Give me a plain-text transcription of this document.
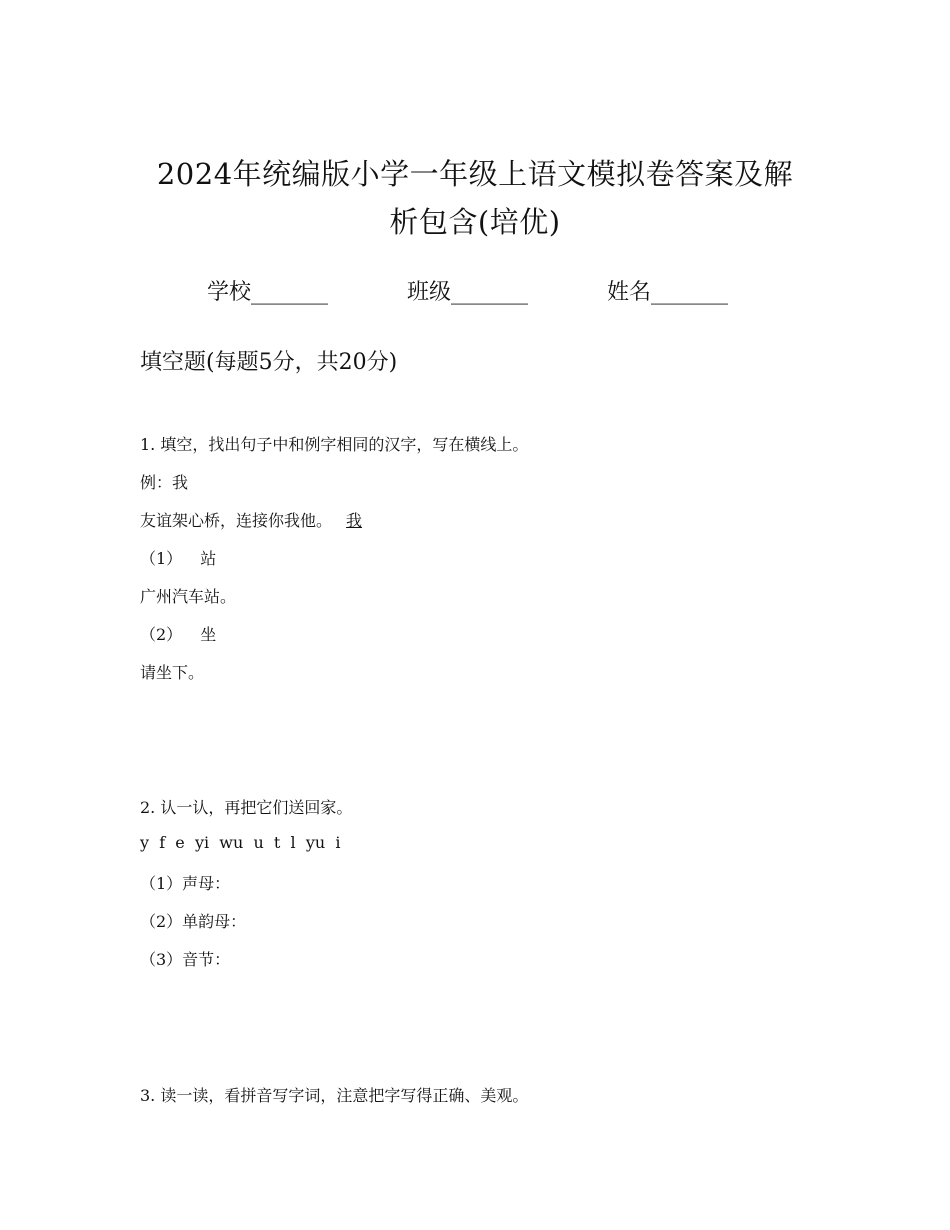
2024年统编版小学一年级上语文模拟卷答案及解
析包含(培优)
学校_______	班级_______	姓名_______
填空题(每题5分，共20分)
1. 填空，找出句子中和例字相同的汉字，写在横线上。
例：我
友谊架心桥，连接你我他。 我
（1） 站
广州汽车站。
（2） 坐
请坐下。
2. 认一认，再把它们送回家。
y  f  e  yi  wu  u  t  l  yu  i
（1）声母：
（2）单韵母：
（3）音节：
3. 读一读，看拼音写字词，注意把字写得正确、美观。
